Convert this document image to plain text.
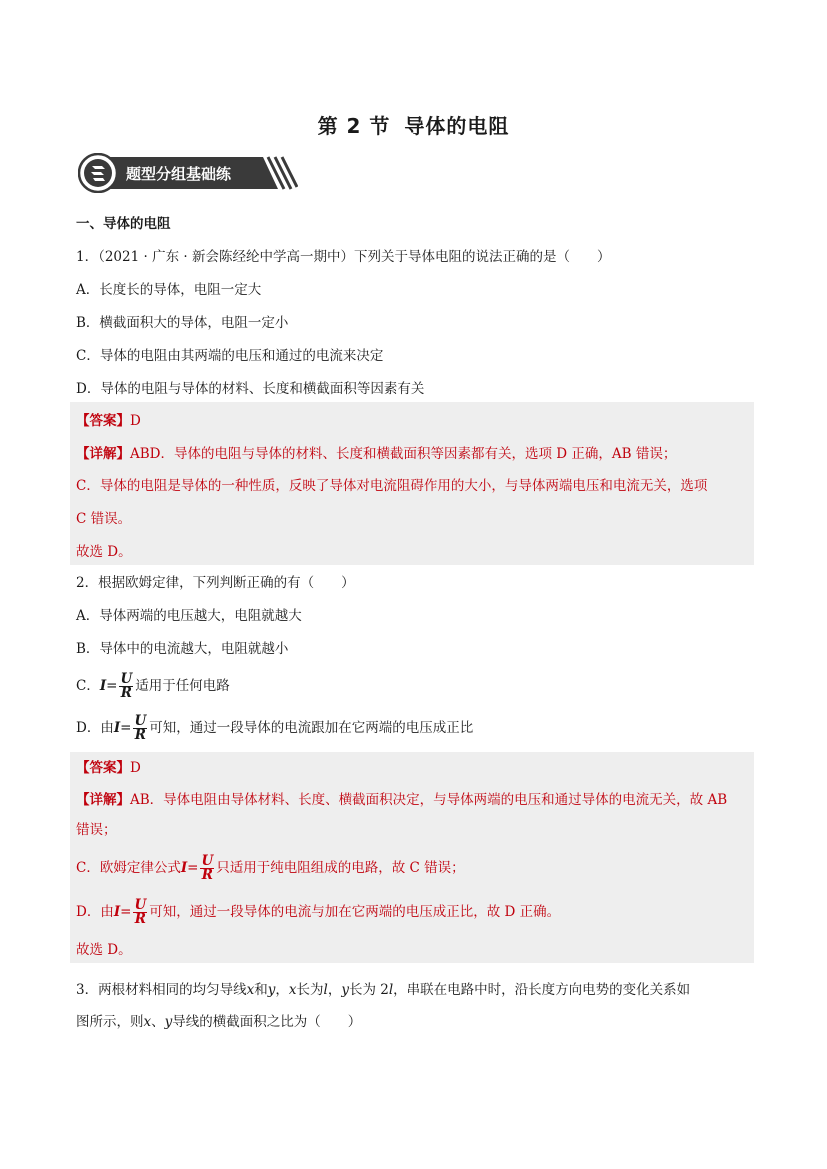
第 2 节 导体的电阻
题型分组基础练
一、导体的电阻
1．（2021 · 广东 · 新会陈经纶中学高一期中）下列关于导体电阻的说法正确的是（　　）
A．长度长的导体，电阻一定大
B．横截面积大的导体，电阻一定小
C．导体的电阻由其两端的电压和通过的电流来决定
D．导体的电阻与导体的材料、长度和横截面积等因素有关
【答案】D
【详解】ABD．导体的电阻与导体的材料、长度和横截面积等因素都有关，选项 D 正确，AB 错误；
C．导体的电阻是导体的一种性质，反映了导体对电流阻碍作用的大小，与导体两端电压和电流无关，选项
C 错误。
故选 D。
2．根据欧姆定律，下列判断正确的有（　　）
A．导体两端的电压越大，电阻就越大
B．导体中的电流越大，电阻就越小
C．$I= \frac{U}{R}$ 适用于任何电路
D．由$I= \frac{U}{R}$ 可知，通过一段导体的电流跟加在它两端的电压成正比
【答案】D
【详解】AB．导体电阻由导体材料、长度、横截面积决定，与导体两端的电压和通过导体的电流无关，故 AB
错误；
C．欧姆定律公式$I= \frac{U}{R}$ 只适用于纯电阻组成的电路，故 C 错误；
D．由$I= \frac{U}{R}$ 可知，通过一段导体的电流与加在它两端的电压成正比，故 D 正确。
故选 D。
3．两根材料相同的均匀导线x和y，x长为l，y长为 2l，串联在电路中时，沿长度方向电势的变化关系如
图所示，则x、y导线的横截面积之比为（　　）
